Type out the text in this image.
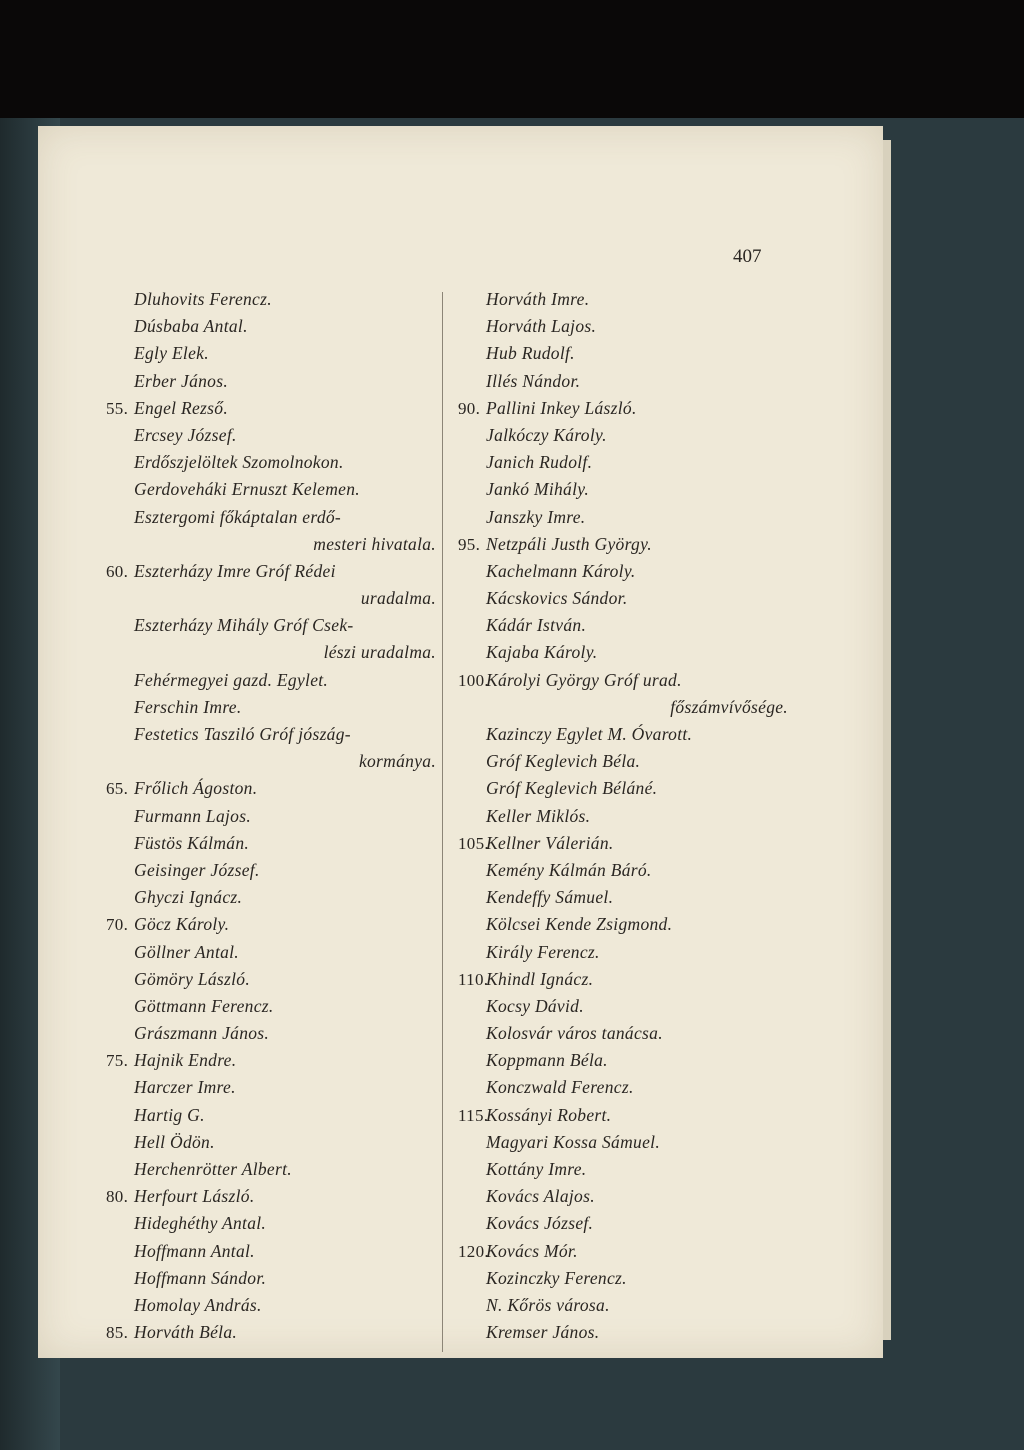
407
Dluhovits Ferencz.
Dúsbaba Antal.
Egly Elek.
Erber János.
55. Engel Rezső.
Ercsey József.
Erdőszjelöltek Szomolnokon.
Gerdoveháki Ernuszt Kelemen.
Esztergomi főkáptalan erdő-
mesteri hivatala.
60. Eszterházy Imre Gróf Rédei
uradalma.
Eszterházy Mihály Gróf Csek-
lészi uradalma.
Fehérmegyei gazd. Egylet.
Ferschin Imre.
Festetics Tasziló Gróf jószág-
kormánya.
65. Frőlich Ágoston.
Furmann Lajos.
Füstös Kálmán.
Geisinger József.
Ghyczi Ignácz.
70. Göcz Károly.
Göllner Antal.
Gömöry László.
Göttmann Ferencz.
Grászmann János.
75. Hajnik Endre.
Harczer Imre.
Hartig G.
Hell Ödön.
Herchenrötter Albert.
80. Herfourt László.
Hideghéthy Antal.
Hoffmann Antal.
Hoffmann Sándor.
Homolay András.
85. Horváth Béla.
Horváth Imre.
Horváth Lajos.
Hub Rudolf.
Illés Nándor.
90. Pallini Inkey László.
Jalkóczy Károly.
Janich Rudolf.
Jankó Mihály.
Janszky Imre.
95. Netzpáli Justh György.
Kachelmann Károly.
Kácskovics Sándor.
Kádár István.
Kajaba Károly.
100.
Károlyi György Gróf urad.
főszámvívősége.
Kazinczy Egylet M. Óvarott.
Gróf Keglevich Béla.
Gróf Keglevich Béláné.
Keller Miklós.
105.
Kellner Válerián.
Kemény Kálmán Báró.
Kendeffy Sámuel.
Kölcsei Kende Zsigmond.
Király Ferencz.
110.
Khindl Ignácz.
Kocsy Dávid.
Kolosvár város tanácsa.
Koppmann Béla.
Konczwald Ferencz.
115.
Kossányi Robert.
Magyari Kossa Sámuel.
Kottány Imre.
Kovács Alajos.
Kovács József.
120.
Kovács Mór.
Kozinczky Ferencz.
N. Kőrös városa.
Kremser János.
